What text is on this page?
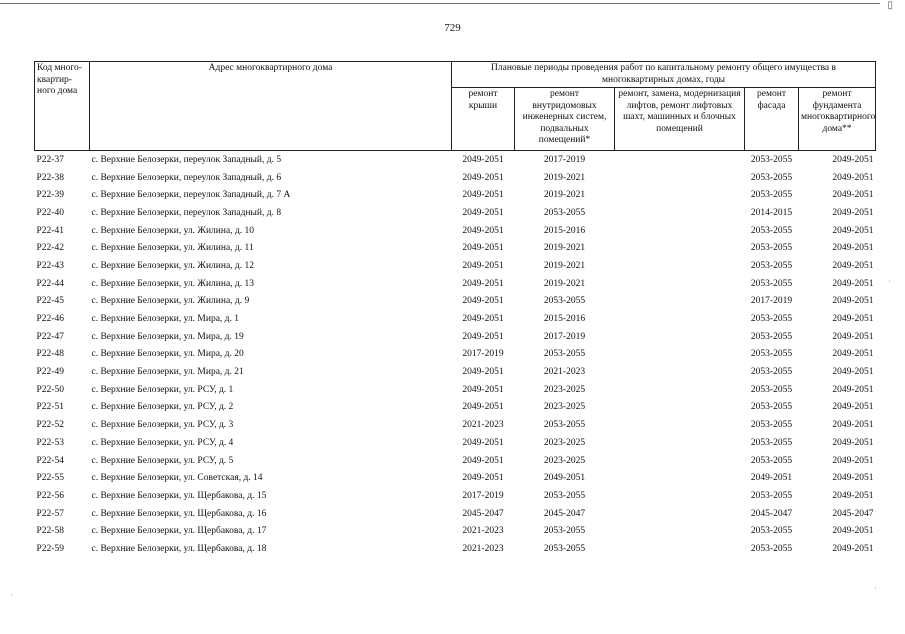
▯
729
Код много-квартир-ного дома	Адрес многоквартирного дома	Плановые периоды проведения работ по капитальному ремонту общего имущества в многоквартирных домах, годы				
		ремонт крыши	ремонт внутридомовых инженерных систем, подвальных помещений*	ремонт, замена, модернизация лифтов, ремонт лифтовых шахт, машинных и блочных помещений	ремонт фасада	ремонт фундамента многоквартирного дома**
Р22-37	с. Верхние Белозерки, переулок Западный, д. 5	2049-2051	2017-2019		2053-2055	2049-2051
Р22-38	с. Верхние Белозерки, переулок Западный, д. 6	2049-2051	2019-2021		2053-2055	2049-2051
Р22-39	с. Верхние Белозерки, переулок Западный, д. 7 А	2049-2051	2019-2021		2053-2055	2049-2051
Р22-40	с. Верхние Белозерки, переулок Западный, д. 8	2049-2051	2053-2055		2014-2015	2049-2051
Р22-41	с. Верхние Белозерки, ул. Жилина, д. 10	2049-2051	2015-2016		2053-2055	2049-2051
Р22-42	с. Верхние Белозерки, ул. Жилина, д. 11	2049-2051	2019-2021		2053-2055	2049-2051
Р22-43	с. Верхние Белозерки, ул. Жилина, д. 12	2049-2051	2019-2021		2053-2055	2049-2051
Р22-44	с. Верхние Белозерки, ул. Жилина, д. 13	2049-2051	2019-2021		2053-2055	2049-2051
Р22-45	с. Верхние Белозерки, ул. Жилина, д. 9	2049-2051	2053-2055		2017-2019	2049-2051
Р22-46	с. Верхние Белозерки, ул. Мира, д. 1	2049-2051	2015-2016		2053-2055	2049-2051
Р22-47	с. Верхние Белозерки, ул. Мира, д. 19	2049-2051	2017-2019		2053-2055	2049-2051
Р22-48	с. Верхние Белозерки, ул. Мира, д. 20	2017-2019	2053-2055		2053-2055	2049-2051
Р22-49	с. Верхние Белозерки, ул. Мира, д. 21	2049-2051	2021-2023		2053-2055	2049-2051
Р22-50	с. Верхние Белозерки, ул. РСУ, д. 1	2049-2051	2023-2025		2053-2055	2049-2051
Р22-51	с. Верхние Белозерки, ул. РСУ, д. 2	2049-2051	2023-2025		2053-2055	2049-2051
Р22-52	с. Верхние Белозерки, ул. РСУ, д. 3	2021-2023	2053-2055		2053-2055	2049-2051
Р22-53	с. Верхние Белозерки, ул. РСУ, д. 4	2049-2051	2023-2025		2053-2055	2049-2051
Р22-54	с. Верхние Белозерки, ул. РСУ, д. 5	2049-2051	2023-2025		2053-2055	2049-2051
Р22-55	с. Верхние Белозерки, ул. Советская, д. 14	2049-2051	2049-2051		2049-2051	2049-2051
Р22-56	с. Верхние Белозерки, ул. Щербакова, д. 15	2017-2019	2053-2055		2053-2055	2049-2051
Р22-57	с. Верхние Белозерки, ул. Щербакова, д. 16	2045-2047	2045-2047		2045-2047	2045-2047
Р22-58	с. Верхние Белозерки, ул. Щербакова, д. 17	2021-2023	2053-2055		2053-2055	2049-2051
Р22-59	с. Верхние Белозерки, ул. Щербакова, д. 18	2021-2023	2053-2055		2053-2055	2049-2051
·
·
·
